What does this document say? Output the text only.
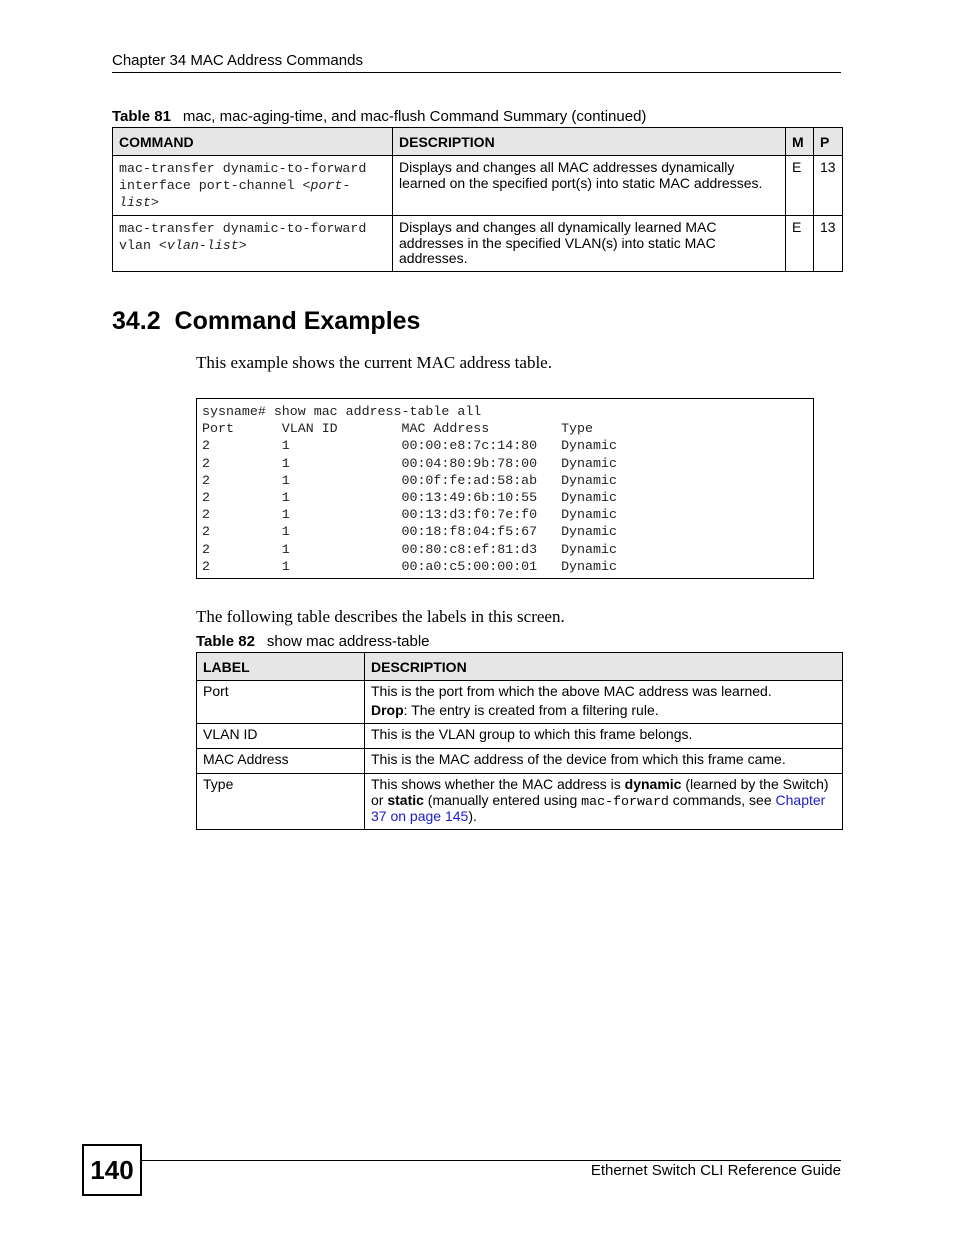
Chapter 34 MAC Address Commands
Table 81 mac, mac-aging-time, and mac-flush Command Summary (continued)
COMMAND	DESCRIPTION	M	P

mac-transfer dynamic-to-forward interface port-channel <port-list>	Displays and changes all MAC addresses dynamically learned on the specified port(s) into static MAC addresses.	E	13

mac-transfer dynamic-to-forward vlan <vlan-list>	Displays and changes all dynamically learned MAC addresses in the specified VLAN(s) into static MAC addresses.	E	13
34.2  Command Examples
This example shows the current MAC address table.
sysname# show mac address-table all
Port      VLAN ID        MAC Address         Type
2         1              00:00:e8:7c:14:80   Dynamic
2         1              00:04:80:9b:78:00   Dynamic
2         1              00:0f:fe:ad:58:ab   Dynamic
2         1              00:13:49:6b:10:55   Dynamic
2         1              00:13:d3:f0:7e:f0   Dynamic
2         1              00:18:f8:04:f5:67   Dynamic
2         1              00:80:c8:ef:81:d3   Dynamic
2         1              00:a0:c5:00:00:01   Dynamic
The following table describes the labels in this screen.
Table 82 show mac address-table
LABEL	DESCRIPTION

Port	This is the port from which the above MAC address was learned.

Drop: The entry is created from a filtering rule.

VLAN ID	This is the VLAN group to which this frame belongs.

MAC Address	This is the MAC address of the device from which this frame came.

Type	This shows whether the MAC address is dynamic (learned by the Switch) or static (manually entered using mac-forward commands, see Chapter 37 on page 145).
140	Ethernet Switch CLI Reference Guide
